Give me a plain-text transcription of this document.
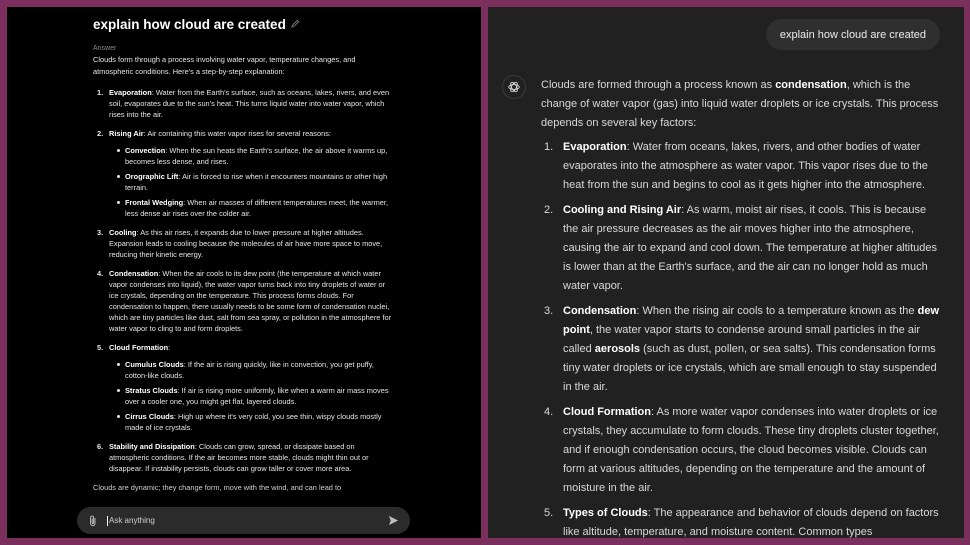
explain how cloud are created
Answer
Clouds form through a process involving water vapor, temperature changes, and atmospheric conditions. Here's a step-by-step explanation:
1. Evaporation: Water from the Earth's surface, such as oceans, lakes, rivers, and even soil, evaporates due to the sun's heat. This turns liquid water into water vapor, which rises into the air.
2. Rising Air: Air containing this water vapor rises for several reasons:
Convection: When the sun heats the Earth's surface, the air above it warms up, becomes less dense, and rises.
Orographic Lift: Air is forced to rise when it encounters mountains or other high terrain.
Frontal Wedging: When air masses of different temperatures meet, the warmer, less dense air rises over the colder air.
3. Cooling: As this air rises, it expands due to lower pressure at higher altitudes. Expansion leads to cooling because the molecules of air have more space to move, reducing their kinetic energy.
4. Condensation: When the air cools to its dew point (the temperature at which water vapor condenses into liquid), the water vapor turns back into tiny droplets of water or ice crystals, depending on the temperature. This process forms clouds. For condensation to happen, there usually needs to be some form of condensation nuclei, which are tiny particles like dust, salt from sea spray, or pollution in the atmosphere for water vapor to cling to and form droplets.
5. Cloud Formation:
Cumulus Clouds: If the air is rising quickly, like in convection, you get puffy, cotton-like clouds.
Stratus Clouds: If air is rising more uniformly, like when a warm air mass moves over a cooler one, you might get flat, layered clouds.
Cirrus Clouds: High up where it's very cold, you see thin, wispy clouds mostly made of ice crystals.
6. Stability and Dissipation: Clouds can grow, spread, or dissipate based on atmospheric conditions. If the air becomes more stable, clouds might thin out or disappear. If instability persists, clouds can grow taller or cover more area.
Clouds are dynamic; they change form, move with the wind, and can lead to
Ask anything
explain how cloud are created
Clouds are formed through a process known as condensation, which is the change of water vapor (gas) into liquid water droplets or ice crystals. This process depends on several key factors:
1. Evaporation: Water from oceans, lakes, rivers, and other bodies of water evaporates into the atmosphere as water vapor. This vapor rises due to the heat from the sun and begins to cool as it gets higher into the atmosphere.
2. Cooling and Rising Air: As warm, moist air rises, it cools. This is because the air pressure decreases as the air moves higher into the atmosphere, causing the air to expand and cool down. The temperature at higher altitudes is lower than at the Earth's surface, and the air can no longer hold as much water vapor.
3. Condensation: When the rising air cools to a temperature known as the dew point, the water vapor starts to condense around small particles in the air called aerosols (such as dust, pollen, or sea salts). This condensation forms tiny water droplets or ice crystals, which are small enough to stay suspended in the air.
4. Cloud Formation: As more water vapor condenses into water droplets or ice crystals, they accumulate to form clouds. These tiny droplets cluster together, and if enough condensation occurs, the cloud becomes visible. Clouds can form at various altitudes, depending on the temperature and the amount of moisture in the air.
5. Types of Clouds: The appearance and behavior of clouds depend on factors like altitude, temperature, and moisture content. Common types
